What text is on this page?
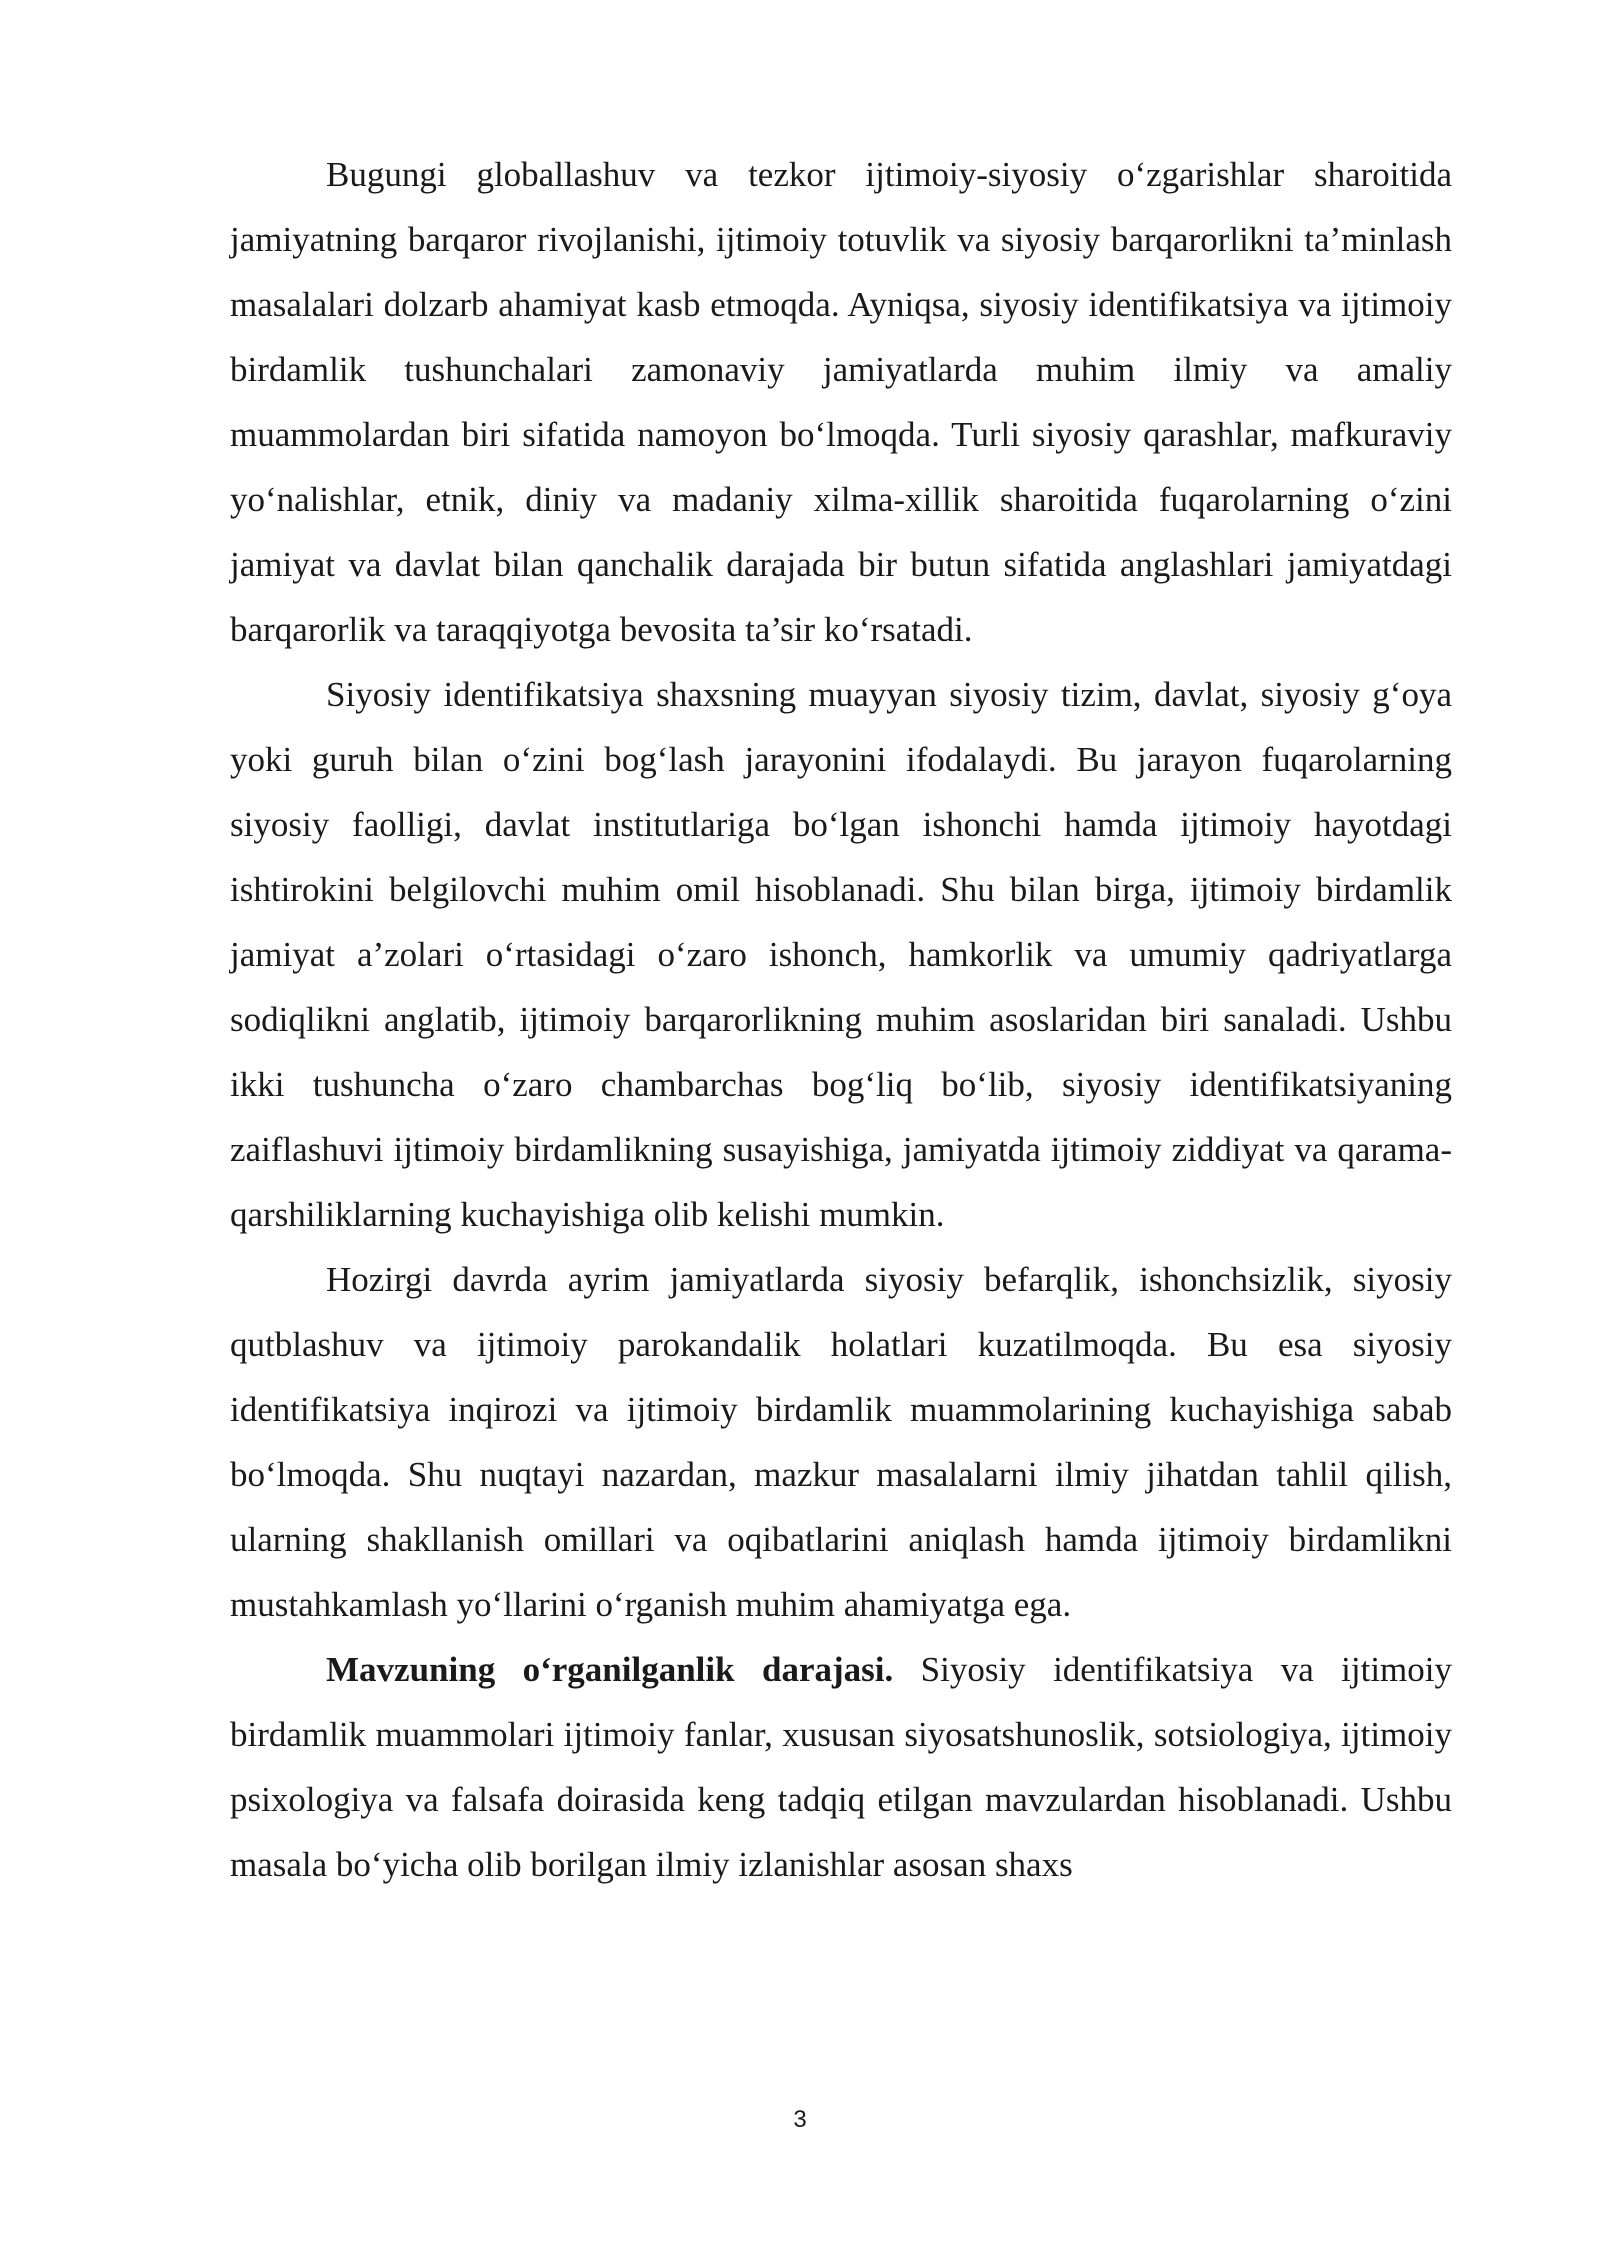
Bugungi globallashuv va tezkor ijtimoiy-siyosiy o‘zgarishlar sharoitida jamiyatning barqaror rivojlanishi, ijtimoiy totuvlik va siyosiy barqarorlikni ta’minlash masalalari dolzarb ahamiyat kasb etmoqda. Ayniqsa, siyosiy identifikatsiya va ijtimoiy birdamlik tushunchalari zamonaviy jamiyatlarda muhim ilmiy va amaliy muammolardan biri sifatida namoyon bo‘lmoqda. Turli siyosiy qarashlar, mafkuraviy yo‘nalishlar, etnik, diniy va madaniy xilma-xillik sharoitida fuqarolarning o‘zini jamiyat va davlat bilan qanchalik darajada bir butun sifatida anglashlari jamiyatdagi barqarorlik va taraqqiyotga bevosita ta’sir ko‘rsatadi.

Siyosiy identifikatsiya shaxsning muayyan siyosiy tizim, davlat, siyosiy g‘oya yoki guruh bilan o‘zini bog‘lash jarayonini ifodalaydi. Bu jarayon fuqarolarning siyosiy faolligi, davlat institutlariga bo‘lgan ishonchi hamda ijtimoiy hayotdagi ishtirokini belgilovchi muhim omil hisoblanadi. Shu bilan birga, ijtimoiy birdamlik jamiyat a’zolari o‘rtasidagi o‘zaro ishonch, hamkorlik va umumiy qadriyatlarga sodiqlikni anglatib, ijtimoiy barqarorlikning muhim asoslaridan biri sanaladi. Ushbu ikki tushuncha o‘zaro chambarchas bog‘liq bo‘lib, siyosiy identifikatsiyaning zaiflashuvi ijtimoiy birdamlikning susayishiga, jamiyatda ijtimoiy ziddiyat va qarama-qarshiliklarning kuchayishiga olib kelishi mumkin.

Hozirgi davrda ayrim jamiyatlarda siyosiy befarqlik, ishonchsizlik, siyosiy qutblashuv va ijtimoiy parokandalik holatlari kuzatilmoqda. Bu esa siyosiy identifikatsiya inqirozi va ijtimoiy birdamlik muammolarining kuchayishiga sabab bo‘lmoqda. Shu nuqtayi nazardan, mazkur masalalarni ilmiy jihatdan tahlil qilish, ularning shakllanish omillari va oqibatlarini aniqlash hamda ijtimoiy birdamlikni mustahkamlash yo‘llarini o‘rganish muhim ahamiyatga ega.

Mavzuning o‘rganilganlik darajasi. Siyosiy identifikatsiya va ijtimoiy birdamlik muammolari ijtimoiy fanlar, xususan siyosatshunoslik, sotsiologiya, ijtimoiy psixologiya va falsafa doirasida keng tadqiq etilgan mavzulardan hisoblanadi. Ushbu masala bo‘yicha olib borilgan ilmiy izlanishlar asosan shaxs

3
